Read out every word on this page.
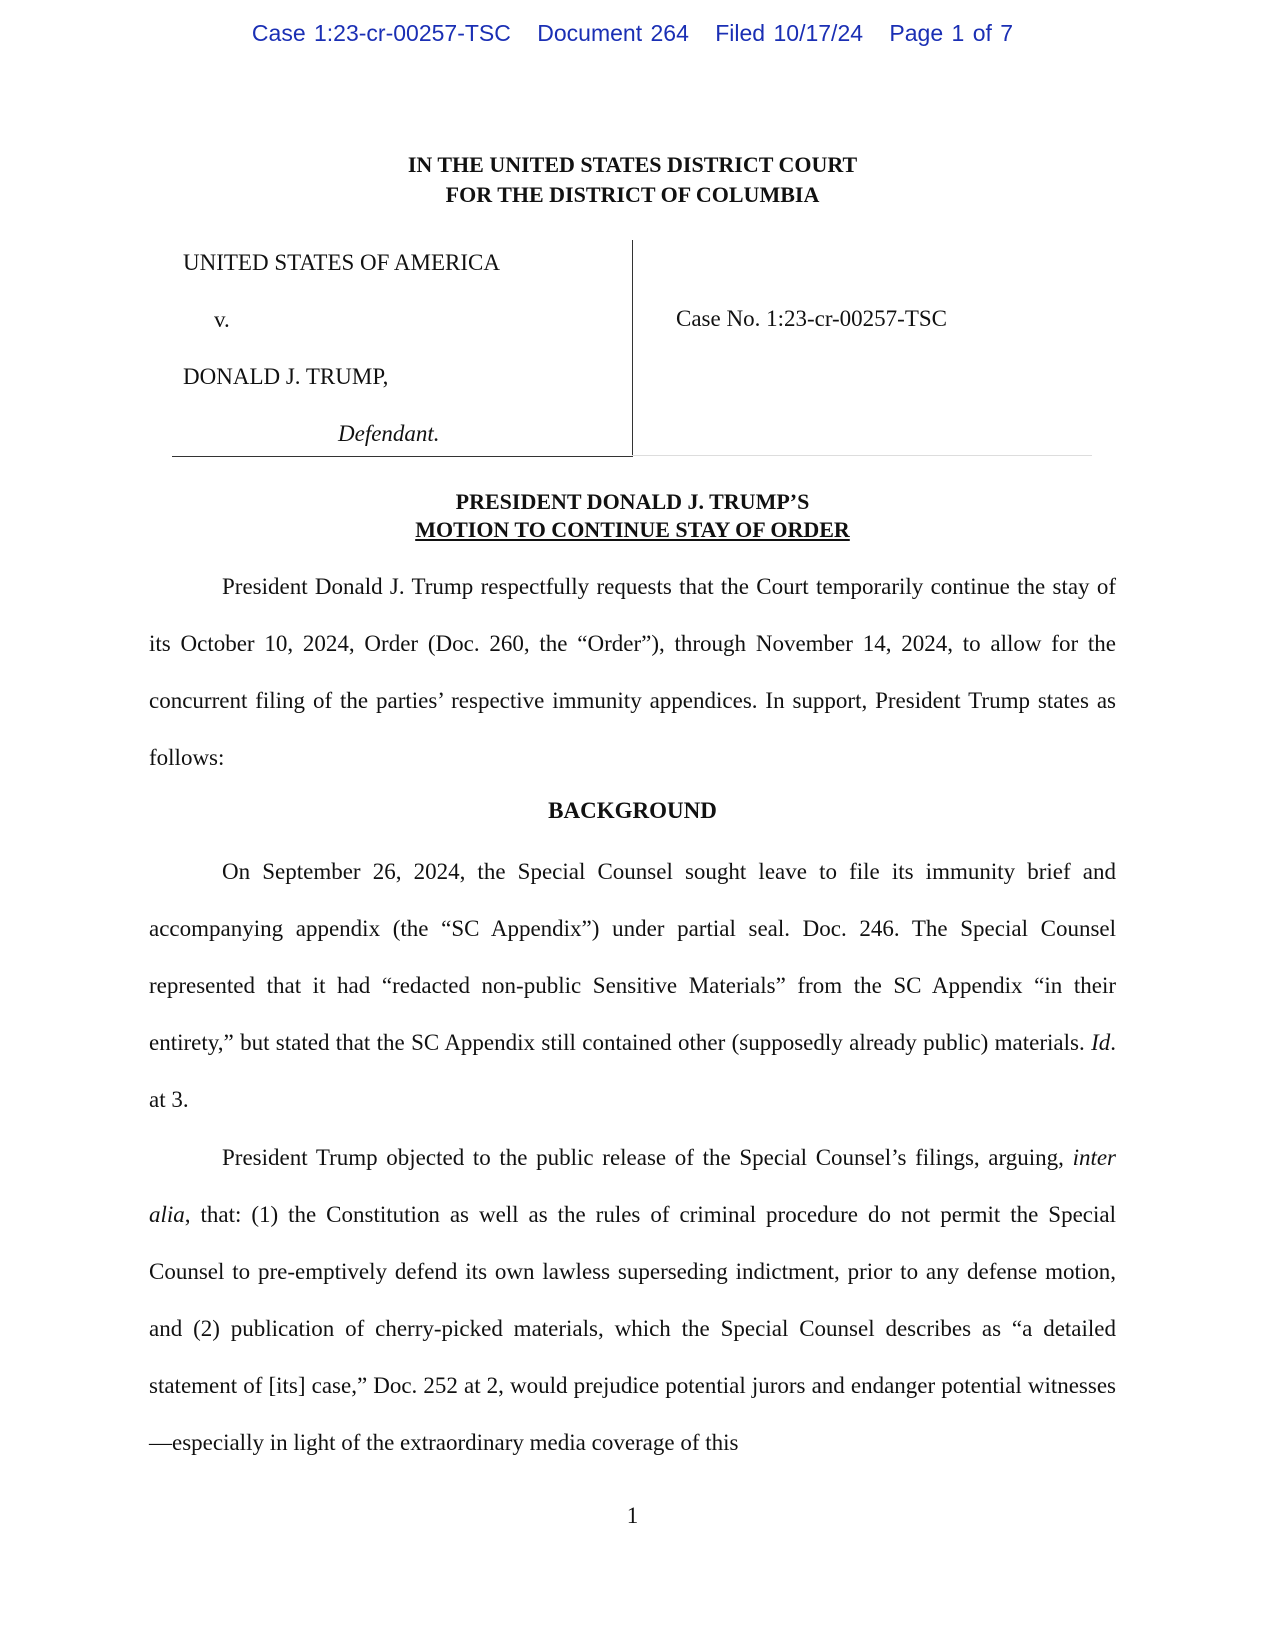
Case 1:23-cr-00257-TSC Document 264 Filed 10/17/24 Page 1 of 7
IN THE UNITED STATES DISTRICT COURT
FOR THE DISTRICT OF COLUMBIA
UNITED STATES OF AMERICA
v.
DONALD J. TRUMP,
Defendant.
Case No. 1:23-cr-00257-TSC
PRESIDENT DONALD J. TRUMP’S
MOTION TO CONTINUE STAY OF ORDER

President Donald J. Trump respectfully requests that the Court temporarily continue the stay of its October 10, 2024, Order (Doc. 260, the “Order”), through November 14, 2024, to allow for the concurrent filing of the parties’ respective immunity appendices. In support, President Trump states as follows:

BACKGROUND

On September 26, 2024, the Special Counsel sought leave to file its immunity brief and accompanying appendix (the “SC Appendix”) under partial seal. Doc. 246. The Special Counsel represented that it had “redacted non-public Sensitive Materials” from the SC Appendix “in their entirety,” but stated that the SC Appendix still contained other (supposedly already public) materials. Id. at 3.

President Trump objected to the public release of the Special Counsel’s filings, arguing, inter alia, that: (1) the Constitution as well as the rules of criminal procedure do not permit the Special Counsel to pre-emptively defend its own lawless superseding indictment, prior to any defense motion, and (2) publication of cherry-picked materials, which the Special Counsel describes as “a detailed statement of [its] case,” Doc. 252 at 2, would prejudice potential jurors and endanger potential witnesses—especially in light of the extraordinary media coverage of this

1
